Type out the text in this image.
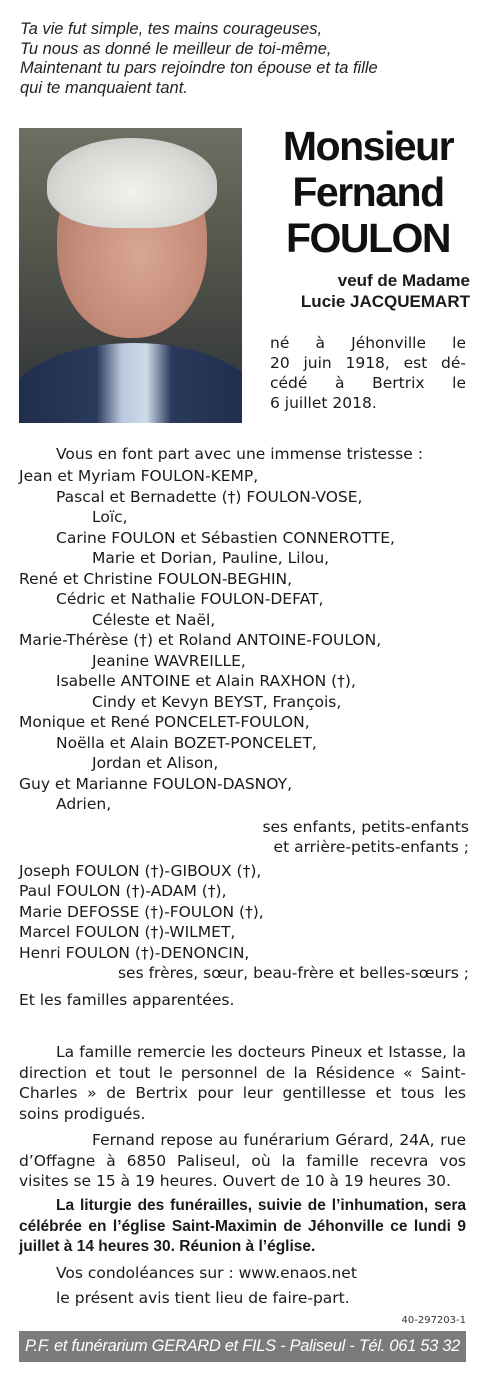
Ta vie fut simple, tes mains courageuses,
Tu nous as donné le meilleur de toi-même,
Maintenant tu pars rejoindre ton épouse et ta fille
qui te manquaient tant.
Monsieur
Fernand
FOULON
veuf de Madame
Lucie JACQUEMART
né à Jéhonville le
20 juin 1918, est dé-
cédé à Bertrix le
6 juillet 2018.
Vous en font part avec une immense tristesse :
Jean et Myriam FOULON-KEMP,
Pascal et Bernadette (†) FOULON-VOSE,
Loïc,
Carine FOULON et Sébastien CONNEROTTE,
Marie et Dorian, Pauline, Lilou,
René et Christine FOULON-BEGHIN,
Cédric et Nathalie FOULON-DEFAT,
Céleste et Naël,
Marie-Thérèse (†) et Roland ANTOINE-FOULON,
Jeanine WAVREILLE,
Isabelle ANTOINE et Alain RAXHON (†),
Cindy et Kevyn BEYST, François,
Monique et René PONCELET-FOULON,
Noëlla et Alain BOZET-PONCELET,
Jordan et Alison,
Guy et Marianne FOULON-DASNOY,
Adrien,
ses enfants, petits-enfants
et arrière-petits-enfants ;
Joseph FOULON (†)-GIBOUX (†),
Paul FOULON (†)-ADAM (†),
Marie DEFOSSE (†)-FOULON (†),
Marcel FOULON (†)-WILMET,
Henri FOULON (†)-DENONCIN,
ses frères, sœur, beau-frère et belles-sœurs ;
Et les familles apparentées.
La famille remercie les docteurs Pineux et Istasse, la direction et tout le personnel de la Résidence « Saint-Charles » de Bertrix pour leur gentillesse et tous les soins prodigués.
Fernand repose au funérarium Gérard, 24A, rue d’Offagne à 6850 Paliseul, où la famille recevra vos visites se 15 à 19 heures. Ouvert de 10 à 19 heures 30.
La liturgie des funérailles, suivie de l’inhumation, sera célébrée en l’église Saint-Maximin de Jéhonville ce lundi 9 juillet à 14 heures 30. Réunion à l’église.
Vos condoléances sur : www.enaos.net
le présent avis tient lieu de faire-part.
40-297203-1
P.F. et funérarium GERARD et FILS - Paliseul - Tél. 061 53 32 84
